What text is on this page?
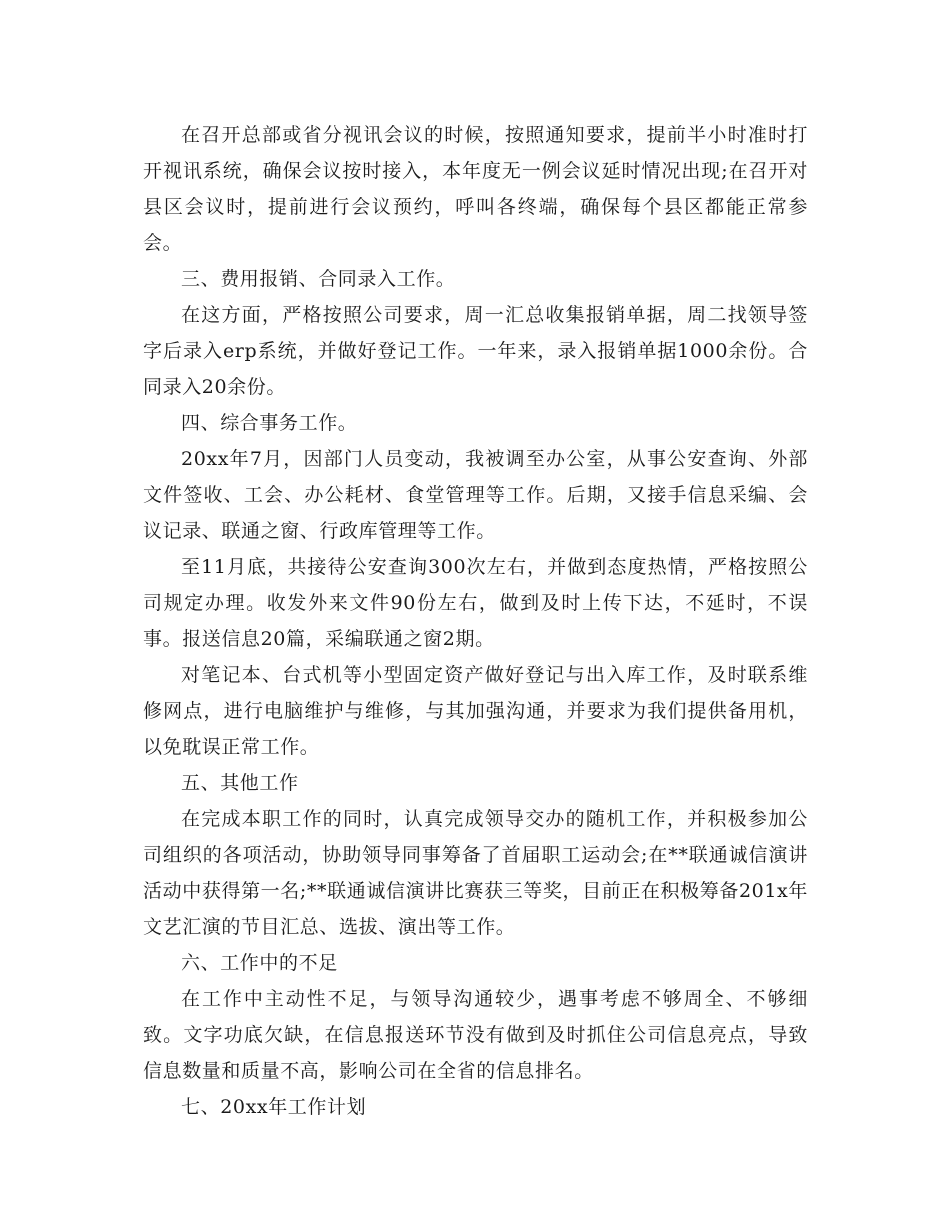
在召开总部或省分视讯会议的时候，按照通知要求，提前半小时准时打开视讯系统，确保会议按时接入，本年度无一例会议延时情况出现;在召开对县区会议时，提前进行会议预约，呼叫各终端，确保每个县区都能正常参会。

三、费用报销、合同录入工作。

在这方面，严格按照公司要求，周一汇总收集报销单据，周二找领导签字后录入erp系统，并做好登记工作。一年来，录入报销单据1000余份。合同录入20余份。

四、综合事务工作。

20xx年7月，因部门人员变动，我被调至办公室，从事公安查询、外部文件签收、工会、办公耗材、食堂管理等工作。后期，又接手信息采编、会议记录、联通之窗、行政库管理等工作。

至11月底，共接待公安查询300次左右，并做到态度热情，严格按照公司规定办理。收发外来文件90份左右，做到及时上传下达，不延时，不误事。报送信息20篇，采编联通之窗2期。

对笔记本、台式机等小型固定资产做好登记与出入库工作，及时联系维修网点，进行电脑维护与维修，与其加强沟通，并要求为我们提供备用机，以免耽误正常工作。

五、其他工作

在完成本职工作的同时，认真完成领导交办的随机工作，并积极参加公司组织的各项活动，协助领导同事筹备了首届职工运动会;在**联通诚信演讲活动中获得第一名;**联通诚信演讲比赛获三等奖，目前正在积极筹备201x年文艺汇演的节目汇总、选拔、演出等工作。

六、工作中的不足

在工作中主动性不足，与领导沟通较少，遇事考虑不够周全、不够细致。文字功底欠缺，在信息报送环节没有做到及时抓住公司信息亮点，导致信息数量和质量不高，影响公司在全省的信息排名。

七、20xx年工作计划
